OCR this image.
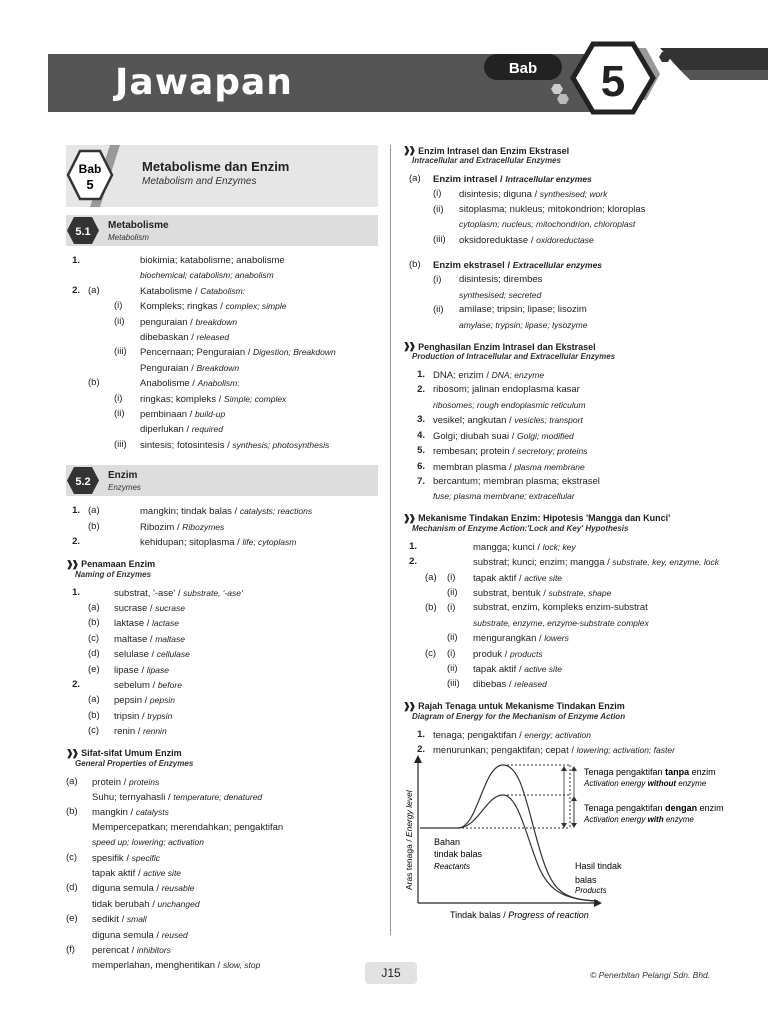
Jawapan	Bab 5
Bab
5
Metabolisme dan Enzim
Metabolism and Enzymes
5.1
Metabolisme
Metabolism
1.	biokimia; katabolisme; anabolisme
biochemical; catabolism; anabolism
2. (a)	Katabolisme / Catabolism:
(i)	Kompleks; ringkas / complex; simple
(ii)	penguraian / breakdown
dibebaskan / released
(iii)	Pencernaan; Penguraian / Digestion; Breakdown
Penguraian / Breakdown
(b)	Anabolisme / Anabolism:
(i)	ringkas; kompleks / Simple; complex
(ii)	pembinaan / build-up
diperlukan / required
(iii)	sintesis; fotosintesis / synthesis; photosynthesis
5.2
Enzim
Enzymes
1. (a)	mangkin; tindak balas / catalysts; reactions
(b)	Ribozim / Ribozymes
2.	kehidupan; sitoplasma / life; cytoplasm
❱❱ Penamaan Enzim
Naming of Enzymes
1.	substrat, '-ase' / substrate, '-ase'
(a)	sucrase / sucrase
(b)	laktase / lactase
(c)	maltase / maltase
(d)	selulase / cellulase
(e)	lipase / lipase
2.	sebelum / before
(a)	pepsin / pepsin
(b)	tripsin / trypsin
(c)	renin / rennin
❱❱ Sifat-sifat Umum Enzim
General Properties of Enzymes
(a)	protein / proteins
Suhu; ternyahasli / temperature; denatured
(b)	mangkin / catalysts
Mempercepatkan; merendahkan; pengaktifan
speed up; lowering; activation
(c)	spesifik / specific
tapak aktif / active site
(d)	diguna semula / reusable
tidak berubah / unchanged
(e)	sedikit / small
diguna semula / reused
(f)	perencat / inhibitors
memperlahan, menghentikan / slow, stop
❱❱ Enzim Intrasel dan Enzim Ekstrasel
Intracellular and Extracellular Enzymes
(a)	Enzim intrasel / Intracellular enzymes
(i)	disintesis; diguna / synthesised; work
(ii)	sitoplasma; nukleus; mitokondrion; kloroplas
cytoplasm; nucleus; mitochondrion, chloroplast
(iii)	oksidoreduktase / oxidoreductase
(b)	Enzim ekstrasel / Extracellular enzymes
(i)	disintesis; dirembes
synthesised; secreted
(ii)	amilase; tripsin; lipase; lisozim
amylase; trypsin; lipase; lysozyme
❱❱ Penghasilan Enzim Intrasel dan Ekstrasel
Production of Intracellular and Extracellular Enzymes
1. DNA; enzim / DNA; enzyme
2. ribosom; jalinan endoplasma kasar
ribosomes; rough endoplasmic reticulum
3. vesikel; angkutan / vesicles; transport
4. Golgi; diubah suai / Golgi; modified
5. rembesan; protein / secretory; proteins
6. membran plasma / plasma membrane
7. bercantum; membran plasma; ekstrasel
fuse; plasma membrane; extracellular
❱❱ Mekanisme Tindakan Enzim: Hipotesis 'Mangga dan Kunci'
Mechanism of Enzyme Action:'Lock and Key' Hypothesis
1.	mangga; kunci / lock; key
2.	substrat; kunci; enzim; mangga / substrate, key, enzyme, lock
(a)	(i)	tapak aktif / active site
(ii)	substrat, bentuk / substrate, shape
(b)	(i)	substrat, enzim, kompleks enzim-substrat
substrate, enzyme, enzyme-substrate complex
(ii)	mengurangkan / lowers
(c)	(i)	produk / products
(ii)	tapak aktif / active site
(iii)	dibebas / released
❱❱ Rajah Tenaga untuk Mekanisme Tindakan Enzim
Diagram of Energy for the Mechanism of Enzyme Action
1. tenaga; pengaktifan / energy; activation
2. menurunkan; pengaktifan; cepat / lowering; activation; faster
Aras tenaga / Energy level
Tindak balas / Progress of reaction
Tenaga pengaktifan tanpa enzim
Activation energy without enzyme
Tenaga pengaktifan dengan enzim
Activation energy with enzyme
Bahan
tindak balas
Reactants	Hasil tindak
balas
Products
J15	© Penerbitan Pelangi Sdn. Bhd.
